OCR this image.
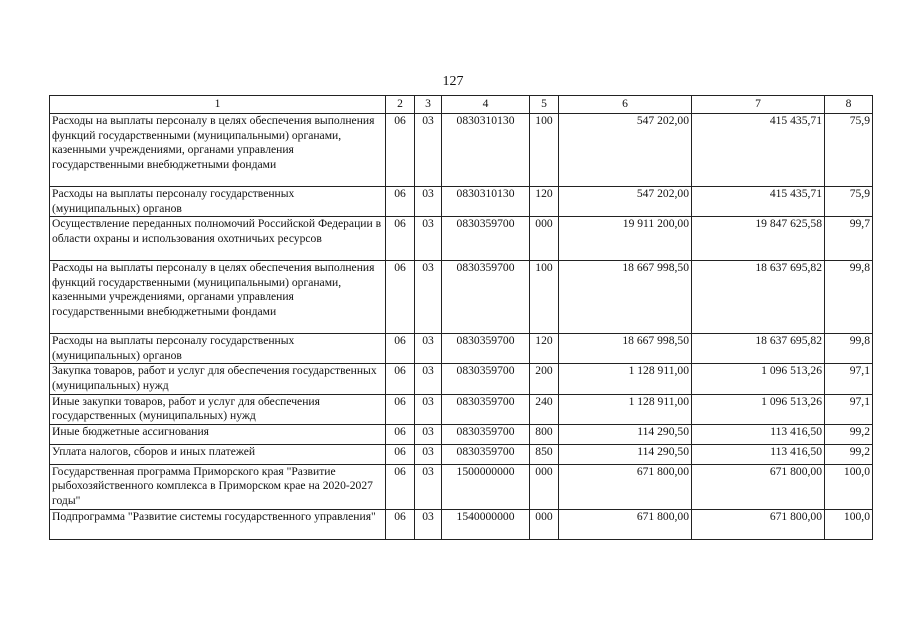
127
1	2	3	4	5	6	7	8
Расходы на выплаты персоналу в целях обеспечения выполнения функций государственными (муниципальными) органами, казенными учреждениями, органами управления государственными внебюджетными фондами	06	03	0830310130	100	547 202,00	415 435,71	75,9
Расходы на выплаты персоналу государственных (муниципальных) органов	06	03	0830310130	120	547 202,00	415 435,71	75,9
Осуществление переданных полномочий Российской Федерации в области охраны и использования охотничьих ресурсов	06	03	0830359700	000	19 911 200,00	19 847 625,58	99,7
Расходы на выплаты персоналу в целях обеспечения выполнения функций государственными (муниципальными) органами, казенными учреждениями, органами управления государственными внебюджетными фондами	06	03	0830359700	100	18 667 998,50	18 637 695,82	99,8
Расходы на выплаты персоналу государственных (муниципальных) органов	06	03	0830359700	120	18 667 998,50	18 637 695,82	99,8
Закупка товаров, работ и услуг для обеспечения государственных (муниципальных) нужд	06	03	0830359700	200	1 128 911,00	1 096 513,26	97,1
Иные закупки товаров, работ и услуг для обеспечения государственных (муниципальных) нужд	06	03	0830359700	240	1 128 911,00	1 096 513,26	97,1
Иные бюджетные ассигнования	06	03	0830359700	800	114 290,50	113 416,50	99,2
Уплата налогов, сборов и иных платежей	06	03	0830359700	850	114 290,50	113 416,50	99,2
Государственная программа Приморского края "Развитие рыбохозяйственного комплекса в Приморском крае на 2020-2027 годы"	06	03	1500000000	000	671 800,00	671 800,00	100,0
Подпрограмма "Развитие системы государственного управления"	06	03	1540000000	000	671 800,00	671 800,00	100,0
